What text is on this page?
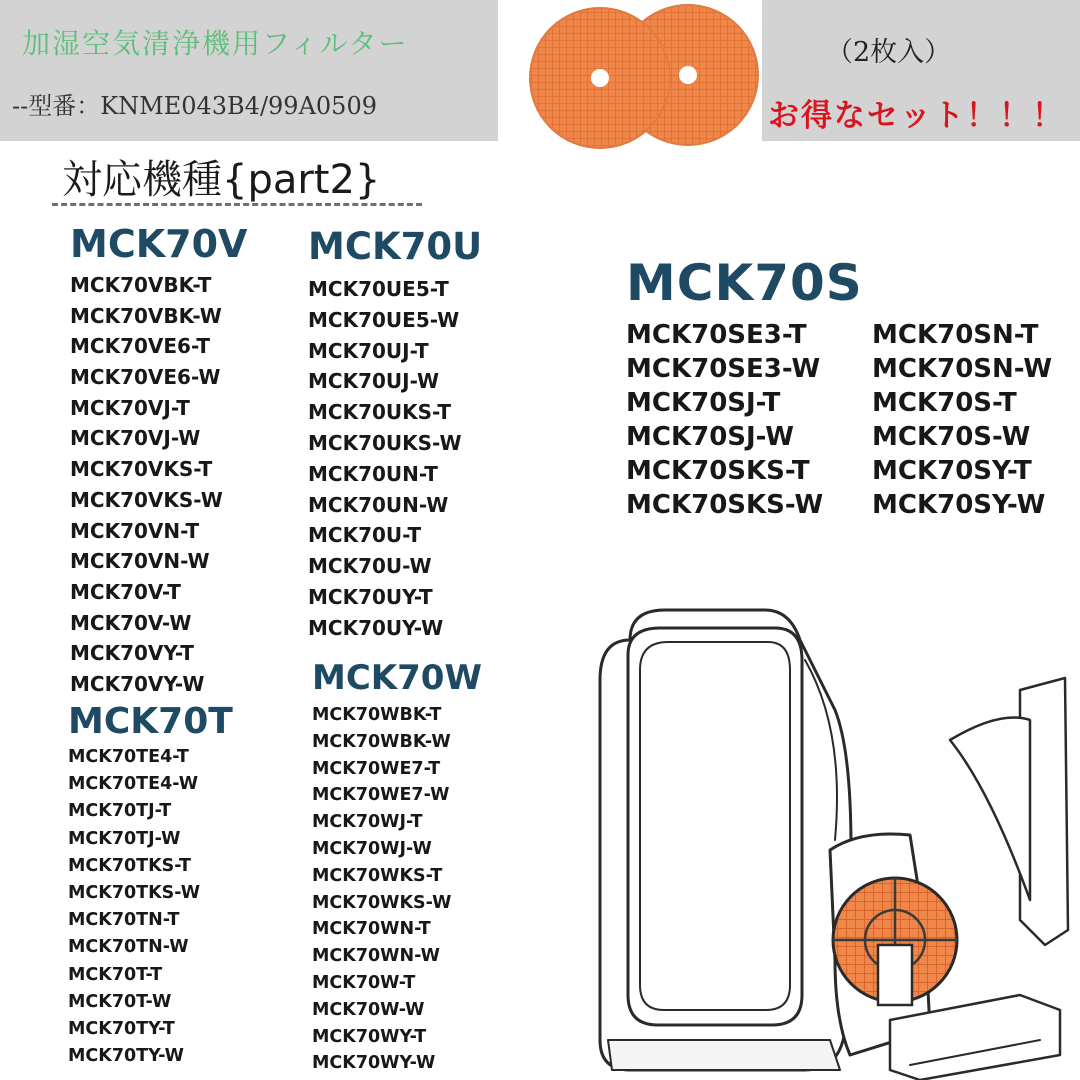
加湿空気清浄機用フィルター
--型番：KNME043B4/99A0509
（2枚入）
お得なセット！！！
対応機種{part2}
MCK70V
MCK70VBK-T
MCK70VBK-W
MCK70VE6-T
MCK70VE6-W
MCK70VJ-T
MCK70VJ-W
MCK70VKS-T
MCK70VKS-W
MCK70VN-T
MCK70VN-W
MCK70V-T
MCK70V-W
MCK70VY-T
MCK70VY-W
MCK70U
MCK70UE5-T
MCK70UE5-W
MCK70UJ-T
MCK70UJ-W
MCK70UKS-T
MCK70UKS-W
MCK70UN-T
MCK70UN-W
MCK70U-T
MCK70U-W
MCK70UY-T
MCK70UY-W
MCK70T
MCK70TE4-T
MCK70TE4-W
MCK70TJ-T
MCK70TJ-W
MCK70TKS-T
MCK70TKS-W
MCK70TN-T
MCK70TN-W
MCK70T-T
MCK70T-W
MCK70TY-T
MCK70TY-W
MCK70W
MCK70WBK-T
MCK70WBK-W
MCK70WE7-T
MCK70WE7-W
MCK70WJ-T
MCK70WJ-W
MCK70WKS-T
MCK70WKS-W
MCK70WN-T
MCK70WN-W
MCK70W-T
MCK70W-W
MCK70WY-T
MCK70WY-W
MCK70S
MCK70SE3-T
MCK70SE3-W
MCK70SJ-T
MCK70SJ-W
MCK70SKS-T
MCK70SKS-W
MCK70SN-T
MCK70SN-W
MCK70S-T
MCK70S-W
MCK70SY-T
MCK70SY-W
